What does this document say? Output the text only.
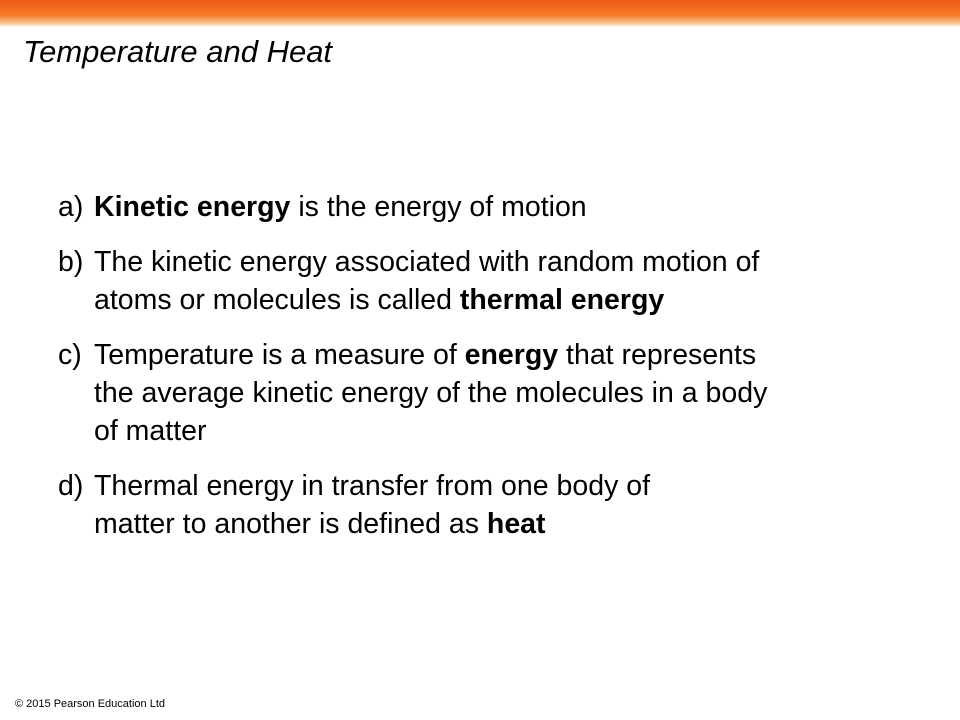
Temperature and Heat
a) Kinetic energy is the energy of motion
b) The kinetic energy associated with random motion of
atoms or molecules is called thermal energy
c) Temperature is a measure of energy that represents
the average kinetic energy of the molecules in a body
of matter
d) Thermal energy in transfer from one body of
matter to another is defined as heat
© 2015 Pearson Education Ltd
